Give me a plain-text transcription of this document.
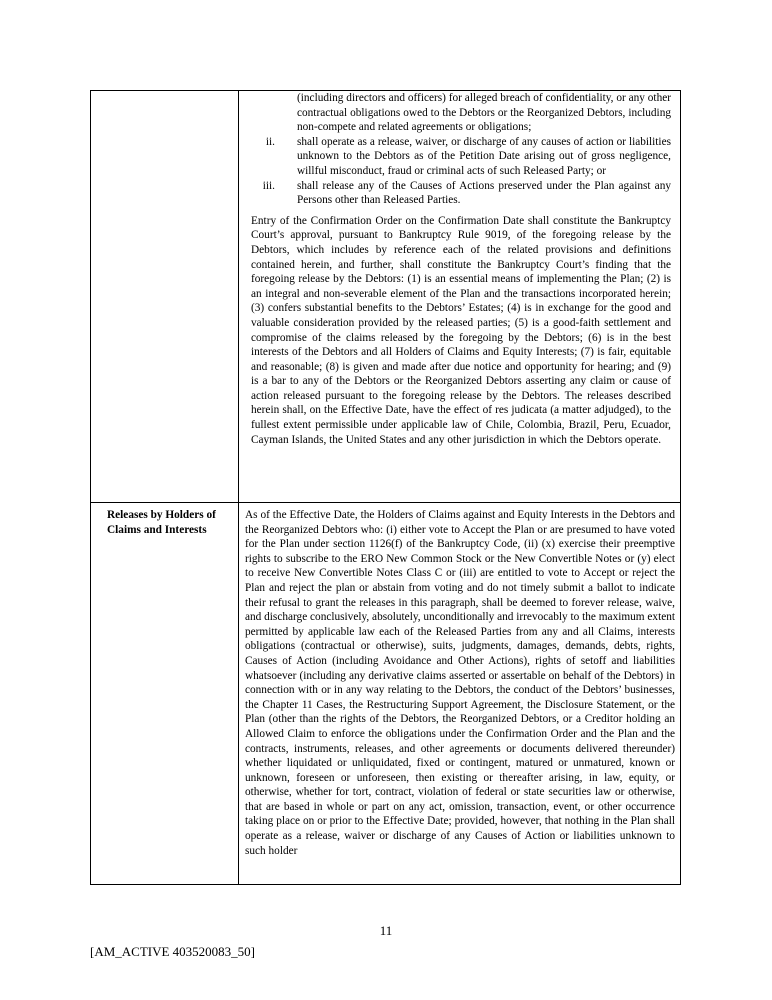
(including directors and officers) for alleged breach of confidentiality, or any other contractual obligations owed to the Debtors or the Reorganized Debtors, including non-compete and related agreements or obligations;
ii. shall operate as a release, waiver, or discharge of any causes of action or liabilities unknown to the Debtors as of the Petition Date arising out of gross negligence, willful misconduct, fraud or criminal acts of such Released Party; or
iii. shall release any of the Causes of Actions preserved under the Plan against any Persons other than Released Parties.
Entry of the Confirmation Order on the Confirmation Date shall constitute the Bankruptcy Court’s approval, pursuant to Bankruptcy Rule 9019, of the foregoing release by the Debtors, which includes by reference each of the related provisions and definitions contained herein, and further, shall constitute the Bankruptcy Court’s finding that the foregoing release by the Debtors: (1) is an essential means of implementing the Plan; (2) is an integral and non-severable element of the Plan and the transactions incorporated herein; (3) confers substantial benefits to the Debtors’ Estates; (4) is in exchange for the good and valuable consideration provided by the released parties; (5) is a good-faith settlement and compromise of the claims released by the foregoing by the Debtors; (6) is in the best interests of the Debtors and all Holders of Claims and Equity Interests; (7) is fair, equitable and reasonable; (8) is given and made after due notice and opportunity for hearing; and (9) is a bar to any of the Debtors or the Reorganized Debtors asserting any claim or cause of action released pursuant to the foregoing release by the Debtors. The releases described herein shall, on the Effective Date, have the effect of res judicata (a matter adjudged), to the fullest extent permissible under applicable law of Chile, Colombia, Brazil, Peru, Ecuador, Cayman Islands, the United States and any other jurisdiction in which the Debtors operate.
Releases by Holders of Claims and Interests
As of the Effective Date, the Holders of Claims against and Equity Interests in the Debtors and the Reorganized Debtors who: (i) either vote to Accept the Plan or are presumed to have voted for the Plan under section 1126(f) of the Bankruptcy Code, (ii) (x) exercise their preemptive rights to subscribe to the ERO New Common Stock or the New Convertible Notes or (y) elect to receive New Convertible Notes Class C or (iii) are entitled to vote to Accept or reject the Plan and reject the plan or abstain from voting and do not timely submit a ballot to indicate their refusal to grant the releases in this paragraph, shall be deemed to forever release, waive, and discharge conclusively, absolutely, unconditionally and irrevocably to the maximum extent permitted by applicable law each of the Released Parties from any and all Claims, interests obligations (contractual or otherwise), suits, judgments, damages, demands, debts, rights, Causes of Action (including Avoidance and Other Actions), rights of setoff and liabilities whatsoever (including any derivative claims asserted or assertable on behalf of the Debtors) in connection with or in any way relating to the Debtors, the conduct of the Debtors’ businesses, the Chapter 11 Cases, the Restructuring Support Agreement, the Disclosure Statement, or the Plan (other than the rights of the Debtors, the Reorganized Debtors, or a Creditor holding an Allowed Claim to enforce the obligations under the Confirmation Order and the Plan and the contracts, instruments, releases, and other agreements or documents delivered thereunder) whether liquidated or unliquidated, fixed or contingent, matured or unmatured, known or unknown, foreseen or unforeseen, then existing or thereafter arising, in law, equity, or otherwise, whether for tort, contract, violation of federal or state securities law or otherwise, that are based in whole or part on any act, omission, transaction, event, or other occurrence taking place on or prior to the Effective Date; provided, however, that nothing in the Plan shall operate as a release, waiver or discharge of any Causes of Action or liabilities unknown to such holder
11
[AM_ACTIVE 403520083_50]
